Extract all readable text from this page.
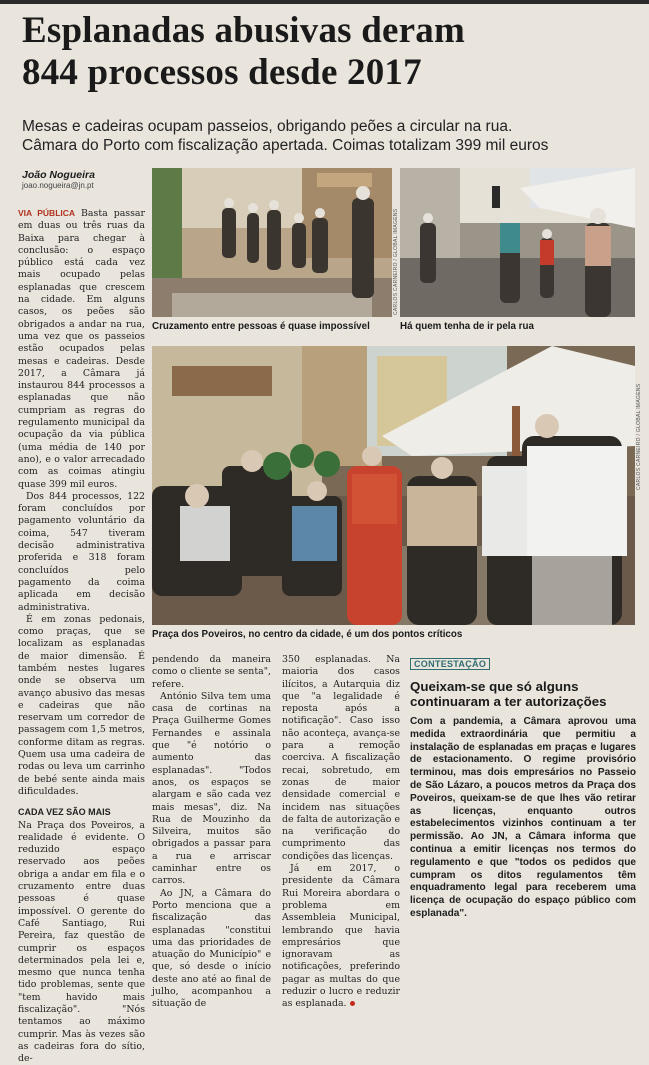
Esplanadas abusivas deram
844 processos desde 2017
Mesas e cadeiras ocupam passeios, obrigando peões a circular na rua.
Câmara do Porto com fiscalização apertada. Coimas totalizam 399 mil euros
João Nogueira
joao.nogueira@jn.pt
CARLOS CARNEIRO / GLOBAL IMAGENS
Cruzamento entre pessoas é quase impossível	Há quem tenha de ir pela rua
CARLOS CARNEIRO / GLOBAL IMAGENS
Praça dos Poveiros, no centro da cidade, é um dos pontos críticos

VIA PÚBLICA Basta passar em duas ou três ruas da Baixa para chegar à conclusão: o espaço público está cada vez mais ocupado pelas esplanadas que crescem na cidade. Em alguns casos, os peões são obrigados a andar na rua, uma vez que os passeios estão ocupados pelas mesas e cadeiras. Desde 2017, a Câmara já instaurou 844 processos a esplanadas que não cumpriam as regras do regulamento municipal da ocupação da via pública (uma média de 140 por ano), e o valor arrecadado com as coimas atingiu quase 399 mil euros.

Dos 844 processos, 122 foram concluídos por pagamento voluntário da coima, 547 tiveram decisão administrativa proferida e 318 foram concluídos pelo pagamento da coima aplicada em decisão administrativa.

É em zonas pedonais, como praças, que se localizam as esplanadas de maior dimensão. É também nestes lugares onde se observa um avanço abusivo das mesas e cadeiras que não reservam um corredor de passagem com 1,5 metros, conforme ditam as regras. Quem usa uma cadeira de rodas ou leva um carrinho de bebé sente ainda mais dificuldades.

CADA VEZ SÃO MAIS

Na Praça dos Poveiros, a realidade é evidente. O reduzido espaço reservado aos peões obriga a andar em fila e o cruzamento entre duas pessoas é quase impossível. O gerente do Café Santiago, Rui Pereira, faz questão de cumprir os espaços determinados pela lei e, mesmo que nunca tenha tido problemas, sente que "tem havido mais fiscalização". "Nós tentamos ao máximo cumprir. Mas às vezes são as cadeiras fora do sítio, de-

pendendo da maneira como o cliente se senta", refere.

António Silva tem uma casa de cortinas na Praça Guilherme Gomes Fernandes e assinala que "é notório o aumento das esplanadas". "Todos anos, os espaços se alargam e são cada vez mais mesas", diz. Na Rua de Mouzinho da Silveira, muitos são obrigados a passar para a rua e arriscar caminhar entre os carros.

Ao JN, a Câmara do Porto menciona que a fiscalização das esplanadas "constitui uma das prioridades de atuação do Município" e que, só desde o início deste ano até ao final de julho, acompanhou a situação de

350 esplanadas. Na maioria dos casos ilícitos, a Autarquia diz que "a legalidade é reposta após a notificação". Caso isso não aconteça, avança-se para a remoção coerciva. A fiscalização recai, sobretudo, em zonas de maior densidade comercial e incidem nas situações de falta de autorização e na verificação do cumprimento das condições das licenças.

Já em 2017, o presidente da Câmara Rui Moreira abordara o problema em Assembleia Municipal, lembrando que havia empresários que ignoravam as notificações, preferindo pagar as multas do que reduzir o lucro e reduzir as esplanada.

CONTESTAÇÃO
Queixam-se que só alguns continuaram a ter autorizações
Com a pandemia, a Câmara aprovou uma medida extraordinária que permitiu a instalação de esplanadas em praças e lugares de estacionamento. O regime provisório terminou, mas dois empresários no Passeio de São Lázaro, a poucos metros da Praça dos Poveiros, queixam-se de que lhes vão retirar as licenças, enquanto outros estabelecimentos vizinhos continuam a ter permissão. Ao JN, a Câmara informa que continua a emitir licenças nos termos do regulamento e que "todos os pedidos que cumpram os ditos regulamentos têm enquadramento legal para receberem uma licença de ocupação do espaço público com esplanada".
